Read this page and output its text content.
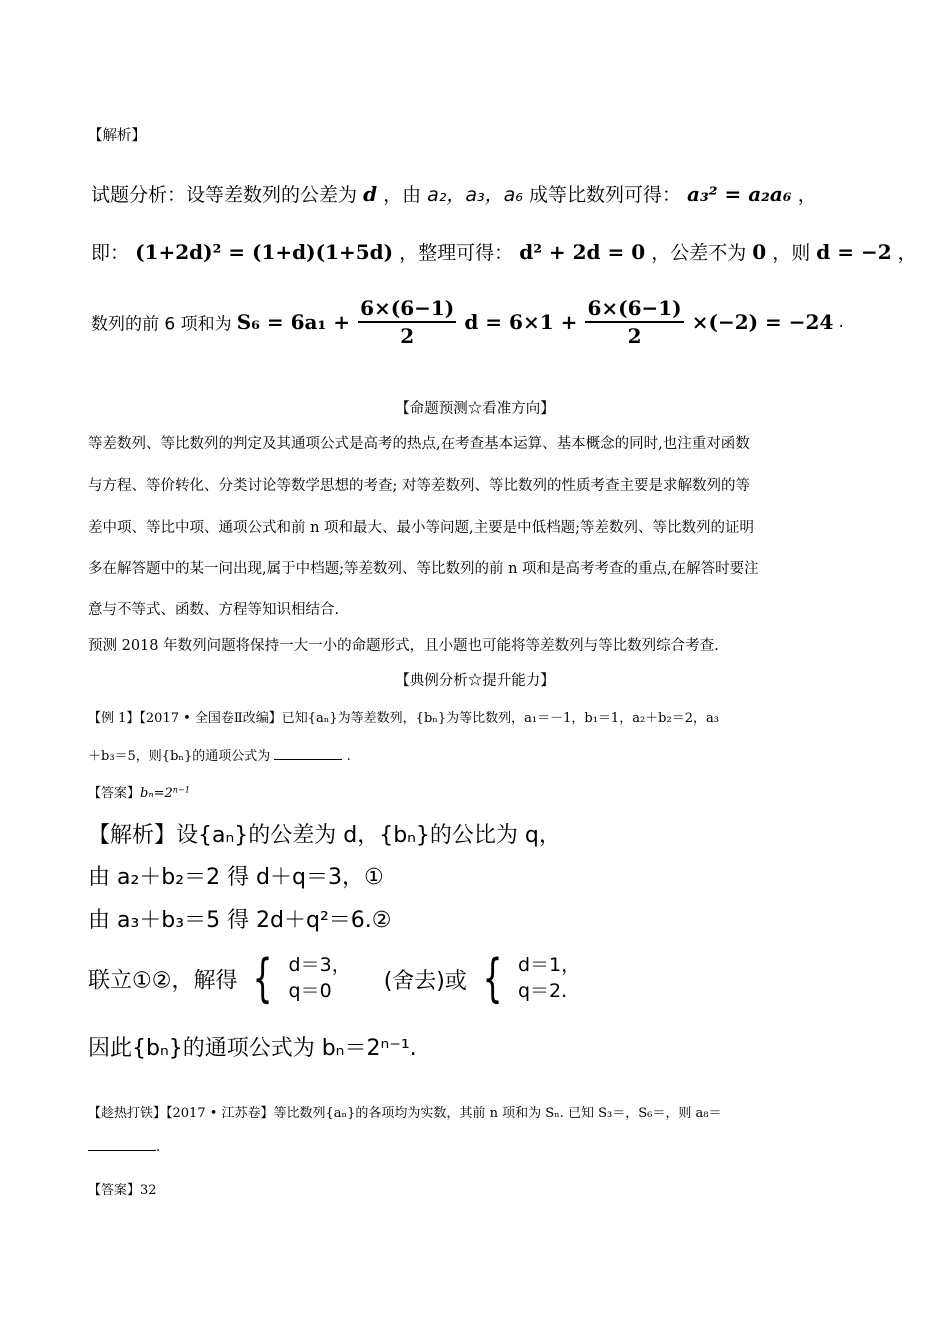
【解析】
试题分析：设等差数列的公差为 d ，由 a₂，a₃，a₆ 成等比数列可得： a₃² = a₂a₆ ，
即： (1+2d)² = (1+d)(1+5d) ，整理可得： d² + 2d = 0 ，公差不为 0 ，则 d = −2 ，
数列的前 6 项和为 $S_6 = 6a_1 + \frac{6\times(6-1)}{2}$ $d = 6\times 1 + \frac{6\times(6-1)}{2} \times(-2) = -24$ .
【命题预测☆看准方向】
等差数列、等比数列的判定及其通项公式是高考的热点,在考查基本运算、基本概念的同时,也注重对函数
与方程、等价转化、分类讨论等数学思想的考查; 对等差数列、等比数列的性质考查主要是求解数列的等
差中项、等比中项、通项公式和前 n 项和最大、最小等问题,主要是中低档题;等差数列、等比数列的证明
多在解答题中的某一问出现,属于中档题;等差数列、等比数列的前 n 项和是高考考查的重点,在解答时要注
意与不等式、函数、方程等知识相结合.
预测 2018 年数列问题将保持一大一小的命题形式，且小题也可能将等差数列与等比数列综合考查.
【典例分析☆提升能力】
【例 1】【2017 • 全国卷Ⅱ改编】已知{aₙ}为等差数列，{bₙ}为等比数列，a₁＝－1，b₁＝1，a₂＋b₂＝2，a₃
＋b₃＝5，则{bₙ}的通项公式为	.
【答案】$b_n=2^{n-1}$
【解析】设{aₙ}的公差为 d，{bₙ}的公比为 q，
由 a₂＋b₂＝2 得 d＋q＝3，①
由 a₃＋b₃＝5 得 2d＋q²＝6.②
联立①②，解得 { d＝3，
q＝0	(舍去)或 { d＝1，
q＝2.
因此{bₙ}的通项公式为 bₙ＝2ⁿ⁻¹.
【趁热打铁】【2017 • 江苏卷】等比数列{aₙ}的各项均为实数，其前 n 项和为 Sₙ. 已知 S₃＝，S₆＝，则 a₈＝
.
【答案】32
